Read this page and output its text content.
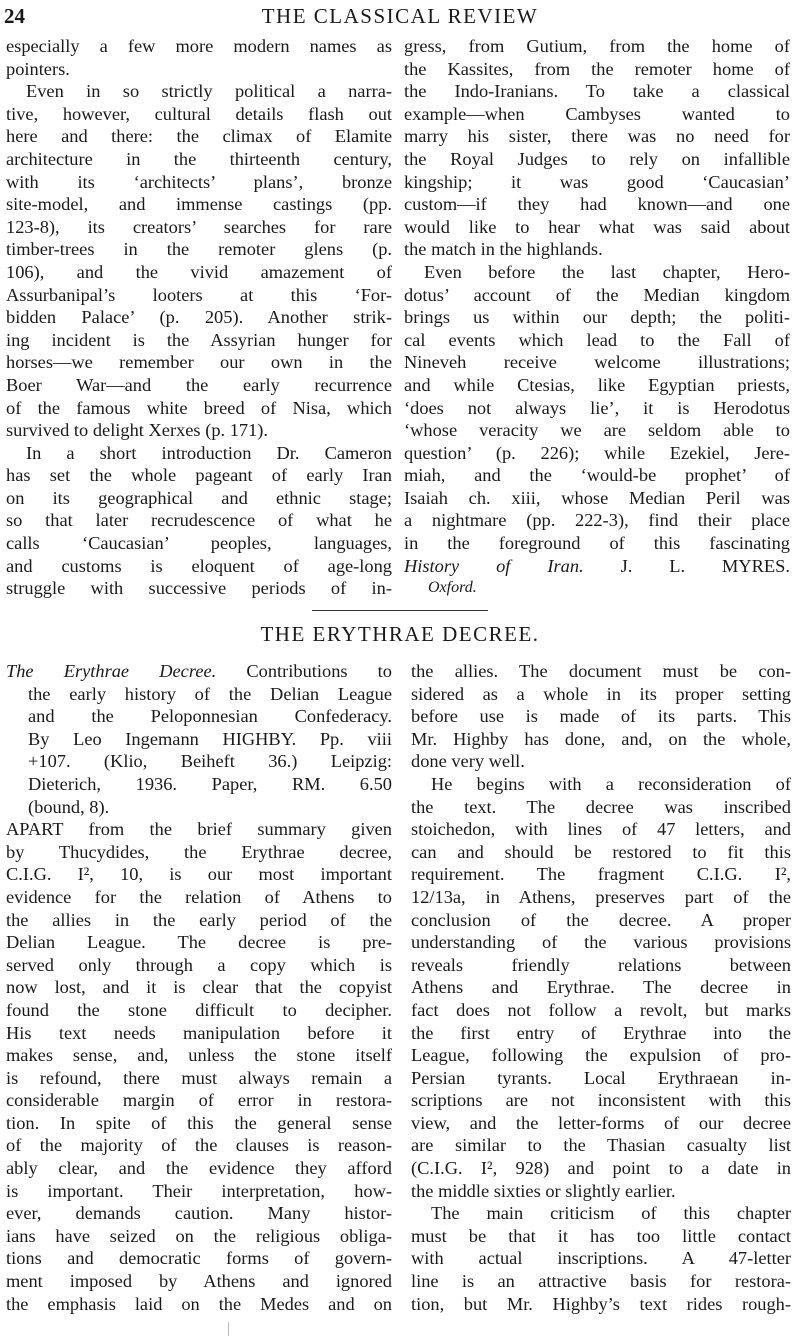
24	THE CLASSICAL REVIEW
especially a few more modern names as
pointers.
Even in so strictly political a narra-
tive, however, cultural details flash out
here and there: the climax of Elamite
architecture in the thirteenth century,
with its ‘architects’ plans’, bronze
site-model, and immense castings (pp.
123-8), its creators’ searches for rare
timber-trees in the remoter glens (p.
106), and the vivid amazement of
Assurbanipal’s looters at this ‘For-
bidden Palace’ (p. 205). Another strik-
ing incident is the Assyrian hunger for
horses—we remember our own in the
Boer War—and the early recurrence
of the famous white breed of Nisa, which
survived to delight Xerxes (p. 171).
In a short introduction Dr. Cameron
has set the whole pageant of early Iran
on its geographical and ethnic stage;
so that later recrudescence of what he
calls ‘Caucasian’ peoples, languages,
and customs is eloquent of age-long
struggle with successive periods of in-
gress, from Gutium, from the home of
the Kassites, from the remoter home of
the Indo-Iranians. To take a classical
example—when Cambyses wanted to
marry his sister, there was no need for
the Royal Judges to rely on infallible
kingship; it was good ‘Caucasian’
custom—if they had known—and one
would like to hear what was said about
the match in the highlands.
Even before the last chapter, Hero-
dotus’ account of the Median kingdom
brings us within our depth; the politi-
cal events which lead to the Fall of
Nineveh receive welcome illustrations;
and while Ctesias, like Egyptian priests,
‘does not always lie’, it is Herodotus
‘whose veracity we are seldom able to
question’ (p. 226); while Ezekiel, Jere-
miah, and the ‘would-be prophet’ of
Isaiah ch. xiii, whose Median Peril was
a nightmare (pp. 222-3), find their place
in the foreground of this fascinating
History of Iran. J. L. MYRES.
Oxford.
THE ERYTHRAE DECREE.
The Erythrae Decree. Contributions to
the early history of the Delian League
and the Peloponnesian Confederacy.
By Leo Ingemann HIGHBY. Pp. viii
+107. (Klio, Beiheft 36.) Leipzig:
Dieterich, 1936. Paper, RM. 6.50
(bound, 8).
APART from the brief summary given
by Thucydides, the Erythrae decree,
C.I.G. I², 10, is our most important
evidence for the relation of Athens to
the allies in the early period of the
Delian League. The decree is pre-
served only through a copy which is
now lost, and it is clear that the copyist
found the stone difficult to decipher.
His text needs manipulation before it
makes sense, and, unless the stone itself
is refound, there must always remain a
considerable margin of error in restora-
tion. In spite of this the general sense
of the majority of the clauses is reason-
ably clear, and the evidence they afford
is important. Their interpretation, how-
ever, demands caution. Many histor-
ians have seized on the religious obliga-
tions and democratic forms of govern-
ment imposed by Athens and ignored
the emphasis laid on the Medes and on
the allies. The document must be con-
sidered as a whole in its proper setting
before use is made of its parts. This
Mr. Highby has done, and, on the whole,
done very well.
He begins with a reconsideration of
the text. The decree was inscribed
stoichedon, with lines of 47 letters, and
can and should be restored to fit this
requirement. The fragment C.I.G. I²,
12/13a, in Athens, preserves part of the
conclusion of the decree. A proper
understanding of the various provisions
reveals friendly relations between
Athens and Erythrae. The decree in
fact does not follow a revolt, but marks
the first entry of Erythrae into the
League, following the expulsion of pro-
Persian tyrants. Local Erythraean in-
scriptions are not inconsistent with this
view, and the letter-forms of our decree
are similar to the Thasian casualty list
(C.I.G. I², 928) and point to a date in
the middle sixties or slightly earlier.
The main criticism of this chapter
must be that it has too little contact
with actual inscriptions. A 47-letter
line is an attractive basis for restora-
tion, but Mr. Highby’s text rides rough-
